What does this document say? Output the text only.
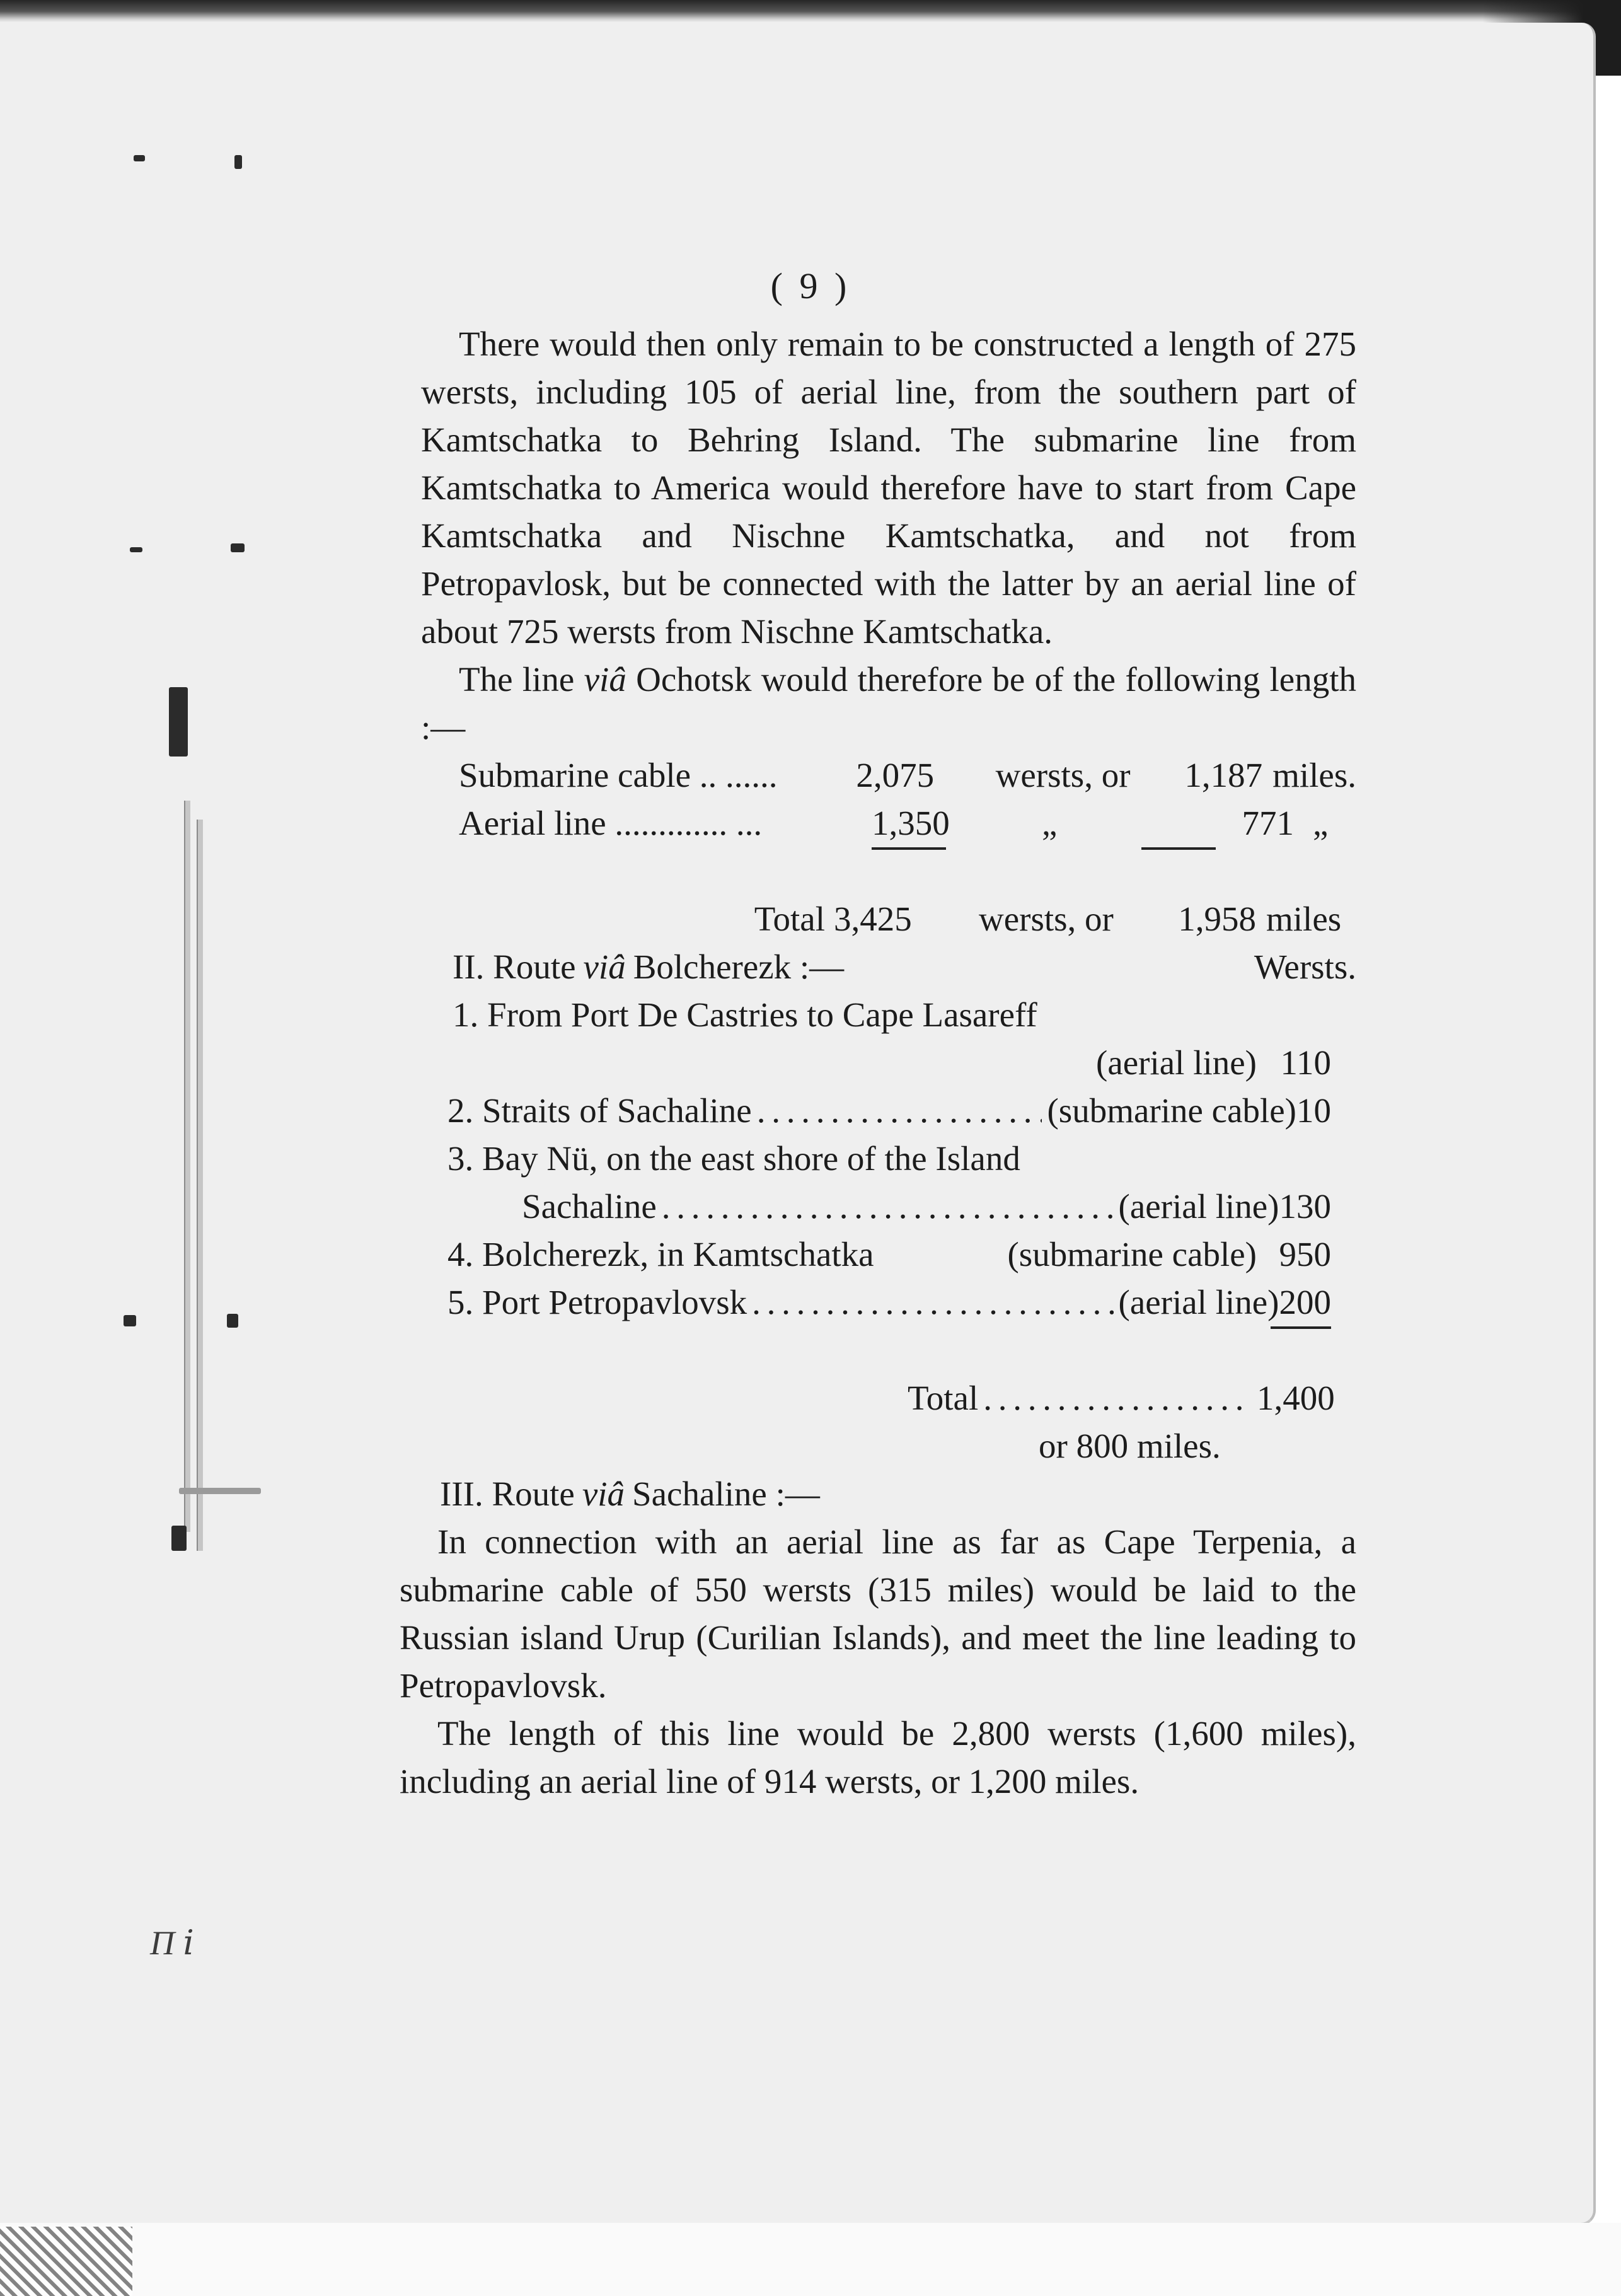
Π 𝑖
( 9 )

There would then only remain to be constructed a length of 275 wersts, including 105 of aerial line, from the southern part of Kamtschatka to Behring Island. The submarine line from Kamtschatka to America would therefore have to start from Cape Kamtschatka and Nischne Kamtschatka, and not from Petropavlosk, but be connected with the latter by an aerial line of about 725 wersts from Nischne Kamtschatka.

The line viâ Ochotsk would therefore be of the following length :—

Submarine cable .. ......	2,075	wersts, or	1,187 miles.
Aerial line ............. ...	1,350	„	771 „
Total 3,425	wersts, or	1,958 miles
II. Route viâ Bolcherezk :—	Wersts.
1. From Port De Castries to Cape Lasareff
(aerial line) 110
2. Straits of Sachaline . . .	(submarine cable) 10
3. Bay Nü, on the east shore of the Island
Sachaline . . .	(aerial line) 130
4. Bolcherezk, in Kamtschatka	(submarine cable) 950
5. Port Petropavlovsk . . .	(aerial line) 200
Total . . .	1,400
or 800 miles.
III. Route viâ Sachaline :—

In connection with an aerial line as far as Cape Terpenia, a submarine cable of 550 wersts (315 miles) would be laid to the Russian island Urup (Curilian Islands), and meet the line leading to Petropavlovsk.

The length of this line would be 2,800 wersts (1,600 miles), including an aerial line of 914 wersts, or 1,200 miles.
